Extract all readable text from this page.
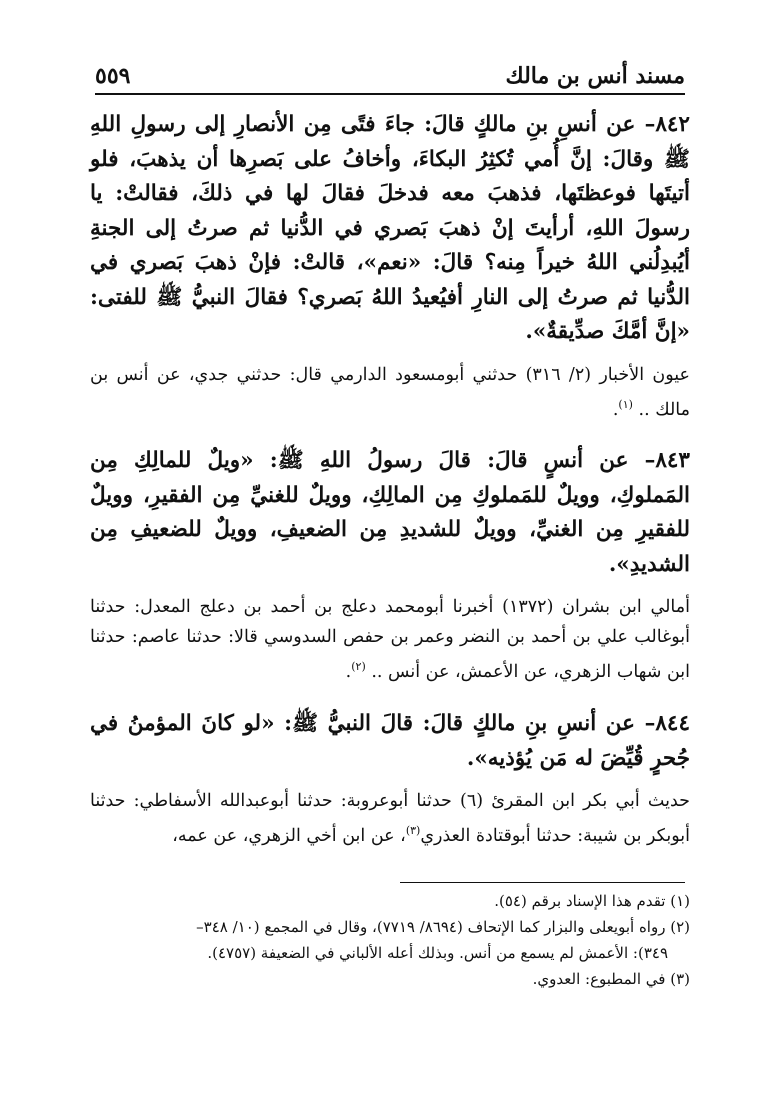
مسند أنس بن مالك
٥٥٩

٨٤٢– عن أنسِ بنِ مالكٍ قالَ: جاءَ فتًى مِن الأنصارِ إلى رسولِ اللهِ ﷺ وقالَ: إنَّ أُمي تُكثِرُ البكاءَ، وأخافُ على بَصرِها أن يذهبَ، فلو أتيتَها فوعظتَها، فذهبَ معه فدخلَ فقالَ لها في ذلكَ، فقالتْ: يا رسولَ اللهِ، أرأيتَ إنْ ذهبَ بَصري في الدُّنيا ثم صرتُ إلى الجنةِ أيُبدِلُني اللهُ خيراً مِنه؟ قالَ: «نعم»، قالتْ: فإنْ ذهبَ بَصري في الدُّنيا ثم صرتُ إلى النارِ أفيُعيدُ اللهُ بَصري؟ فقالَ النبيُّ ﷺ للفتى: «إنَّ أمَّكَ صدِّيقةٌ».

عيون الأخبار (٢/ ٣١٦) حدثني أبومسعود الدارمي قال: حدثني جدي، عن أنس بن مالك .. $^{(١)}$.

٨٤٣– عن أنسٍ قالَ: قالَ رسولُ اللهِ ﷺ: «ويلٌ للمالِكِ مِن المَملوكِ، وويلٌ للمَملوكِ مِن المالِكِ، وويلٌ للغنيِّ مِن الفقيرِ، وويلٌ للفقيرِ مِن الغنيِّ، وويلٌ للشديدِ مِن الضعيفِ، وويلٌ للضعيفِ مِن الشديدِ».

أمالي ابن بشران (١٣٧٢) أخبرنا أبومحمد دعلج بن أحمد بن دعلج المعدل: حدثنا أبوغالب علي بن أحمد بن النضر وعمر بن حفص السدوسي قالا: حدثنا عاصم: حدثنا ابن شهاب الزهري، عن الأعمش، عن أنس .. $^{(٢)}$.

٨٤٤– عن أنسِ بنِ مالكٍ قالَ: قالَ النبيُّ ﷺ: «لو كانَ المؤمنُ في جُحرٍ قُيِّضَ له مَن يُؤذيه».

حديث أبي بكر ابن المقرئ (٦) حدثنا أبوعروبة: حدثنا أبوعبدالله الأسفاطي: حدثنا أبوبكر بن شيبة: حدثنا أبوقتادة العذري$^{(٣)}$، عن ابن أخي الزهري، عن عمه،

(١) تقدم هذا الإسناد برقم (٥٤).

(٢) رواه أبويعلى والبزار كما الإتحاف (٨٦٩٤/ ٧٧١٩)، وقال في المجمع (١٠/ ٣٤٨–

٣٤٩): الأعمش لم يسمع من أنس. وبذلك أعله الألباني في الضعيفة (٤٧٥٧).

(٣) في المطبوع: العدوي.
